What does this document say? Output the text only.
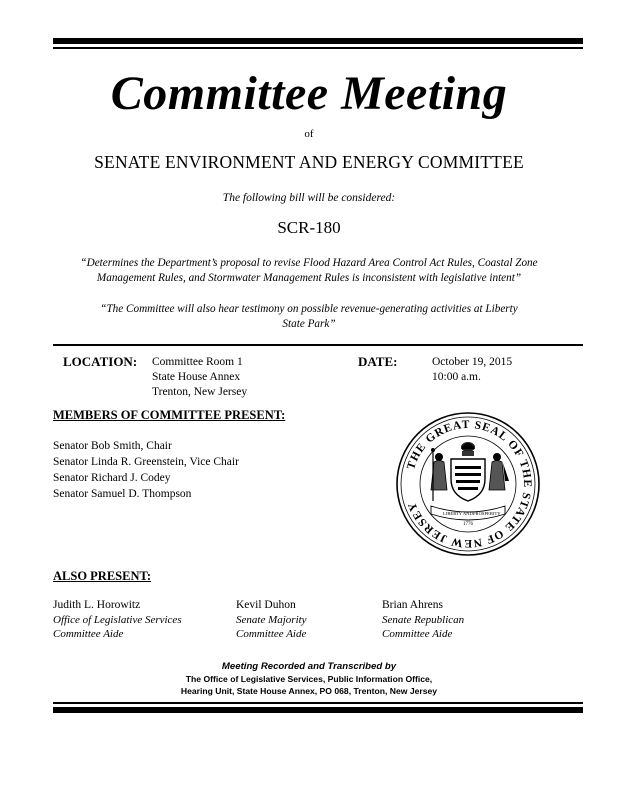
Committee Meeting
of
SENATE ENVIRONMENT AND ENERGY COMMITTEE
The following bill will be considered:
SCR-180
“Determines the Department’s proposal to revise Flood Hazard Area Control Act Rules, Coastal Zone Management Rules, and Stormwater Management Rules is inconsistent with legislative intent”
“The Committee will also hear testimony on possible revenue-generating activities at Liberty State Park”
LOCATION: Committee Room 1
State House Annex
Trenton, New Jersey
DATE:	October 19, 2015
10:00 a.m.
MEMBERS OF COMMITTEE PRESENT:
Senator Bob Smith, Chair
Senator Linda R. Greenstein, Vice Chair
Senator Richard J. Codey
Senator Samuel D. Thompson
THE GREAT SEAL OF THE STATE OF NEW JERSEY
LIBERTY AND PROSPERITY
1776
ALSO PRESENT:
Judith L. Horowitz
Office of Legislative Services
Committee Aide
Kevil Duhon
Senate Majority
Committee Aide
Brian Ahrens
Senate Republican
Committee Aide
Meeting Recorded and Transcribed by
The Office of Legislative Services, Public Information Office,
Hearing Unit, State House Annex, PO 068, Trenton, New Jersey
